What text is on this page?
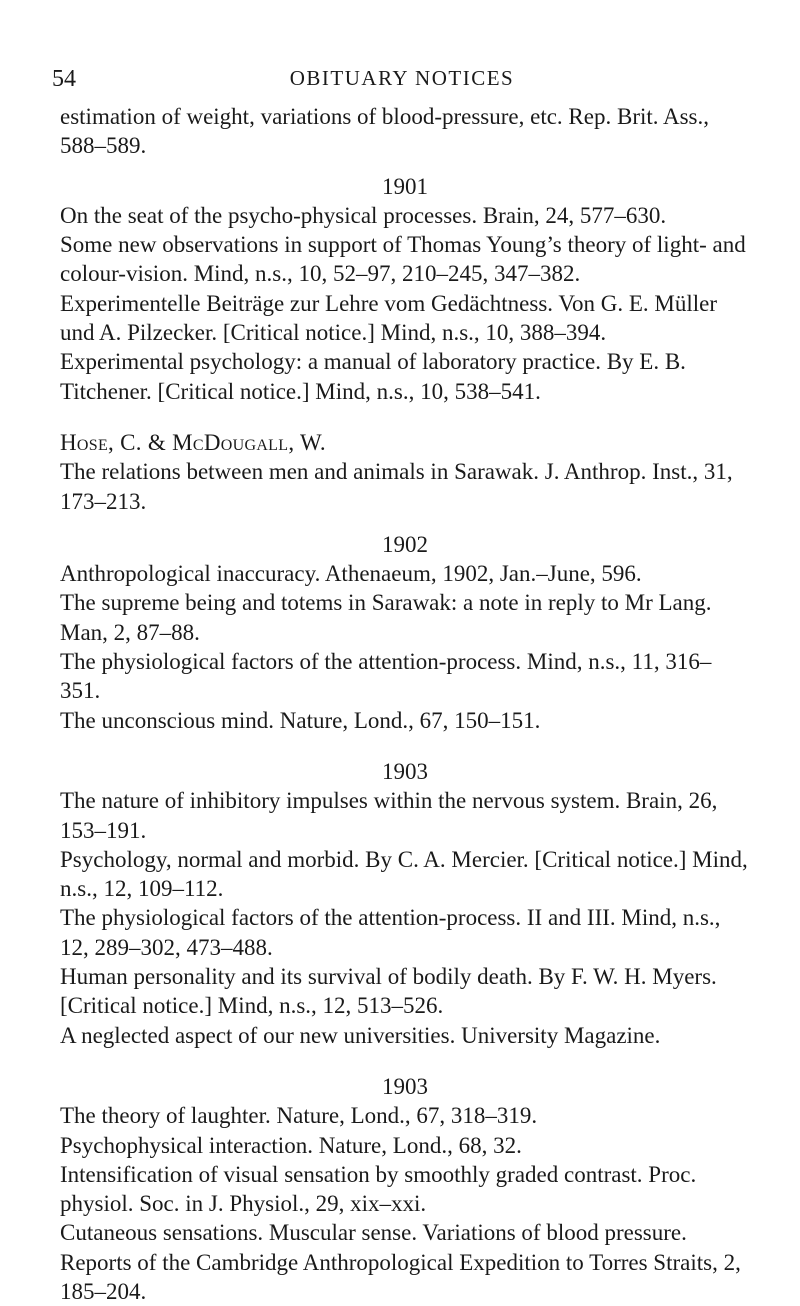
54	OBITUARY NOTICES

estimation of weight, variations of blood-pressure, etc. Rep. Brit. Ass., 588–589.

1901

On the seat of the psycho-physical processes. Brain, 24, 577–630.

Some new observations in support of Thomas Young’s theory of light- and colour-vision. Mind, n.s., 10, 52–97, 210–245, 347–382.

Experimentelle Beiträge zur Lehre vom Gedächtness. Von G. E. Müller und A. Pilzecker. [Critical notice.] Mind, n.s., 10, 388–394.

Experimental psychology: a manual of laboratory practice. By E. B. Titchener. [Critical notice.] Mind, n.s., 10, 538–541.

Hose, C. & McDougall, W.

The relations between men and animals in Sarawak. J. Anthrop. Inst., 31, 173–213.

1902

Anthropological inaccuracy. Athenaeum, 1902, Jan.–June, 596.

The supreme being and totems in Sarawak: a note in reply to Mr Lang. Man, 2, 87–88.

The physiological factors of the attention-process. Mind, n.s., 11, 316–351.

The unconscious mind. Nature, Lond., 67, 150–151.

1903

The nature of inhibitory impulses within the nervous system. Brain, 26, 153–191.

Psychology, normal and morbid. By C. A. Mercier. [Critical notice.] Mind, n.s., 12, 109–112.

The physiological factors of the attention-process. II and III. Mind, n.s., 12, 289–302, 473–488.

Human personality and its survival of bodily death. By F. W. H. Myers. [Critical notice.] Mind, n.s., 12, 513–526.

A neglected aspect of our new universities. University Magazine.

1903

The theory of laughter. Nature, Lond., 67, 318–319.

Psychophysical interaction. Nature, Lond., 68, 32.

Intensification of visual sensation by smoothly graded contrast. Proc. physiol. Soc. in J. Physiol., 29, xix–xxi.

Cutaneous sensations. Muscular sense. Variations of blood pressure. Reports of the Cambridge Anthropological Expedition to Torres Straits, 2, 185–204.
